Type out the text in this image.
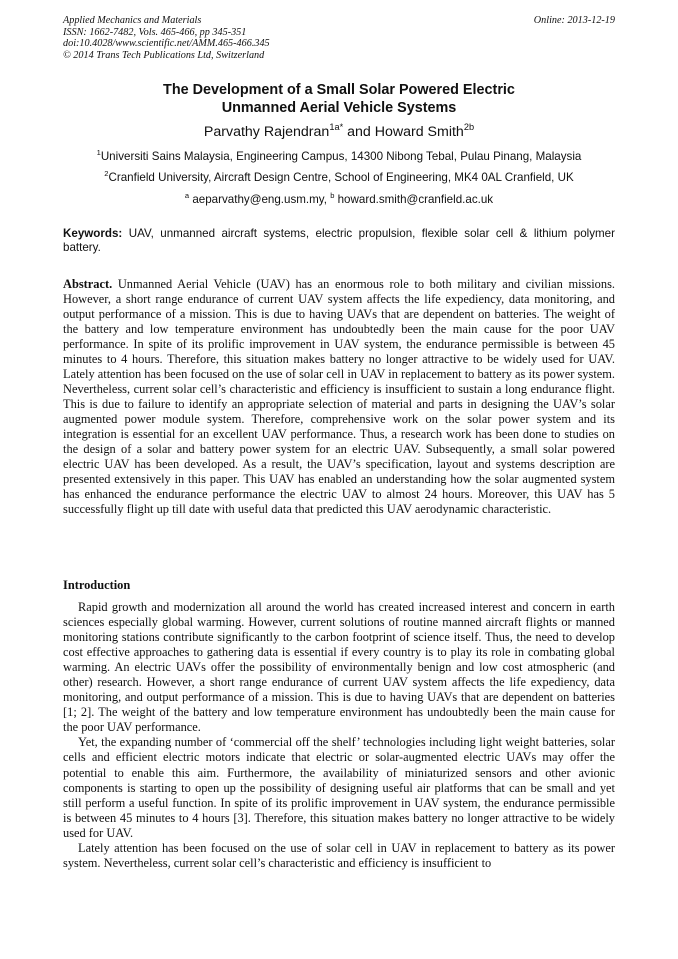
Applied Mechanics and Materials
ISSN: 1662-7482, Vols. 465-466, pp 345-351
doi:10.4028/www.scientific.net/AMM.465-466.345
© 2014 Trans Tech Publications Ltd, Switzerland
Online: 2013-12-19
The Development of a Small Solar Powered Electric
Unmanned Aerial Vehicle Systems
Parvathy Rajendran$^{1a*}$ and Howard Smith$^{2b}$
$^1$Universiti Sains Malaysia, Engineering Campus, 14300 Nibong Tebal, Pulau Pinang, Malaysia
$^2$Cranfield University, Aircraft Design Centre, School of Engineering, MK4 0AL Cranfield, UK
$^a$ aeparvathy@eng.usm.my, $^b$ howard.smith@cranfield.ac.uk
Keywords: UAV, unmanned aircraft systems, electric propulsion, flexible solar cell & lithium polymer battery.

Abstract. Unmanned Aerial Vehicle (UAV) has an enormous role to both military and civilian missions. However, a short range endurance of current UAV system affects the life expediency, data monitoring, and output performance of a mission. This is due to having UAVs that are dependent on batteries. The weight of the battery and low temperature environment has undoubtedly been the main cause for the poor UAV performance. In spite of its prolific improvement in UAV system, the endurance permissible is between 45 minutes to 4 hours. Therefore, this situation makes battery no longer attractive to be widely used for UAV. Lately attention has been focused on the use of solar cell in UAV in replacement to battery as its power system. Nevertheless, current solar cell’s characteristic and efficiency is insufficient to sustain a long endurance flight. This is due to failure to identify an appropriate selection of material and parts in designing the UAV’s solar augmented power module system. Therefore, comprehensive work on the solar power system and its integration is essential for an excellent UAV performance. Thus, a research work has been done to studies on the design of a solar and battery power system for an electric UAV. Subsequently, a small solar powered electric UAV has been developed. As a result, the UAV’s specification, layout and systems description are presented extensively in this paper. This UAV has enabled an understanding how the solar augmented system has enhanced the endurance performance the electric UAV to almost 24 hours. Moreover, this UAV has 5 successfully flight up till date with useful data that predicted this UAV aerodynamic characteristic.

Introduction

Rapid growth and modernization all around the world has created increased interest and concern in earth sciences especially global warming. However, current solutions of routine manned aircraft flights or manned monitoring stations contribute significantly to the carbon footprint of science itself. Thus, the need to develop cost effective approaches to gathering data is essential if every country is to play its role in combating global warming. An electric UAVs offer the possibility of environmentally benign and low cost atmospheric (and other) research. However, a short range endurance of current UAV system affects the life expediency, data monitoring, and output performance of a mission. This is due to having UAVs that are dependent on batteries [1; 2]. The weight of the battery and low temperature environment has undoubtedly been the main cause for the poor UAV performance.

Yet, the expanding number of ‘commercial off the shelf’ technologies including light weight batteries, solar cells and efficient electric motors indicate that electric or solar-augmented electric UAVs may offer the potential to enable this aim. Furthermore, the availability of miniaturized sensors and other avionic components is starting to open up the possibility of designing useful air platforms that can be small and yet still perform a useful function. In spite of its prolific improvement in UAV system, the endurance permissible is between 45 minutes to 4 hours [3]. Therefore, this situation makes battery no longer attractive to be widely used for UAV.

Lately attention has been focused on the use of solar cell in UAV in replacement to battery as its power system. Nevertheless, current solar cell’s characteristic and efficiency is insufficient to
